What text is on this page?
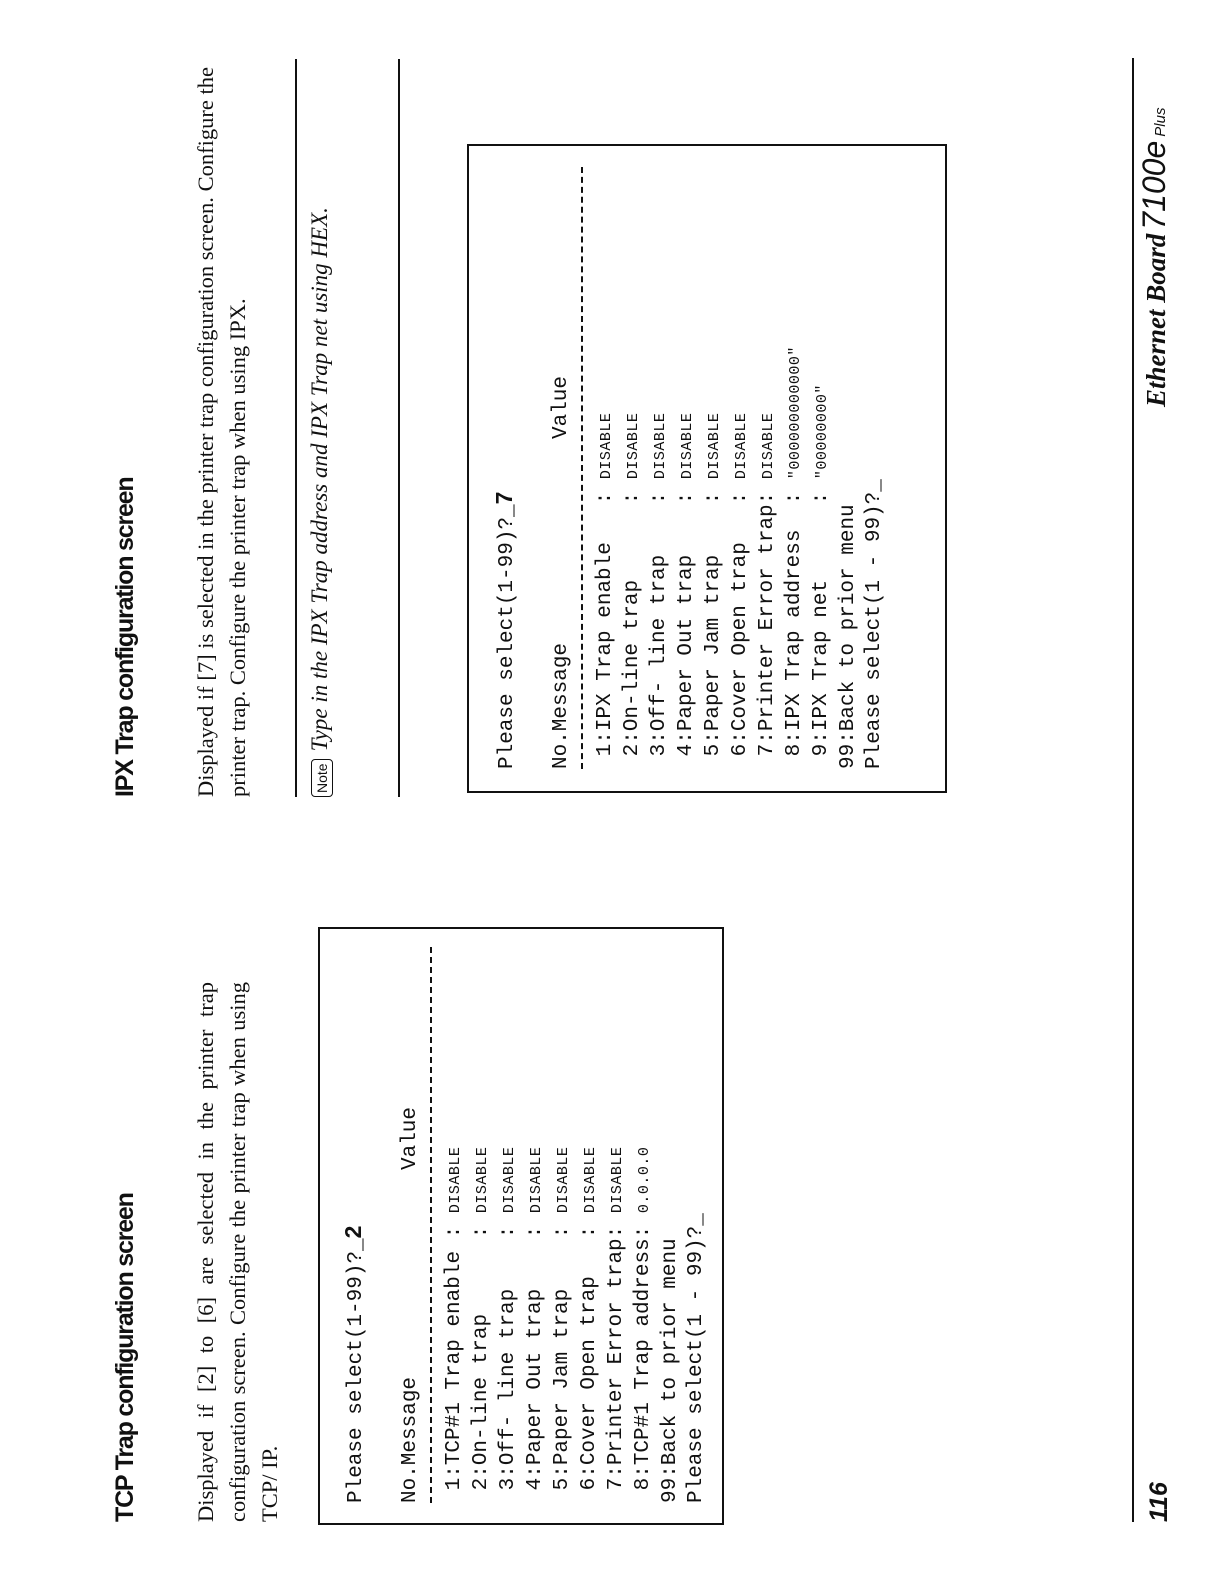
TCP Trap configuration screen Displayed if [2] to [6] are selected in the printer trap configuration screen. Configure the printer trap when using TCP/ IP.	Please select(1-99)?_2
No.Message
Value
1:TCP#1 Trap enable : DISABLE
2:On-line trap      : DISABLE
3:Off- line trap    : DISABLE
4:Paper Out trap    : DISABLE
5:Paper Jam trap    : DISABLE
6:Cover Open trap   : DISABLE
7:Printer Error trap: DISABLE
8:TCP#1 Trap address: 0.0.0.0
99:Back to prior menu Please select(1 - 99)?_
IPX Trap configuration screen Displayed if [7] is selected in the printer trap configuration screen. Configure the printer trap. Configure the printer trap when using IPX.	Note
Type in the IPX Trap address and IPX Trap net using HEX.	Please select(1-99)?_7
No.Message
Value
1:IPX Trap enable   : DISABLE
2:On-line trap      : DISABLE
3:Off- line trap    : DISABLE
4:Paper Out trap    : DISABLE
5:Paper Jam trap    : DISABLE
6:Cover Open trap   : DISABLE
7:Printer Error trap: DISABLE
8:IPX Trap address  : "000000000000"
9:IPX Trap net      : "00000000"
99:Back to prior menu Please select(1 - 99)?_
116
Ethernet Board 7100e Plus
